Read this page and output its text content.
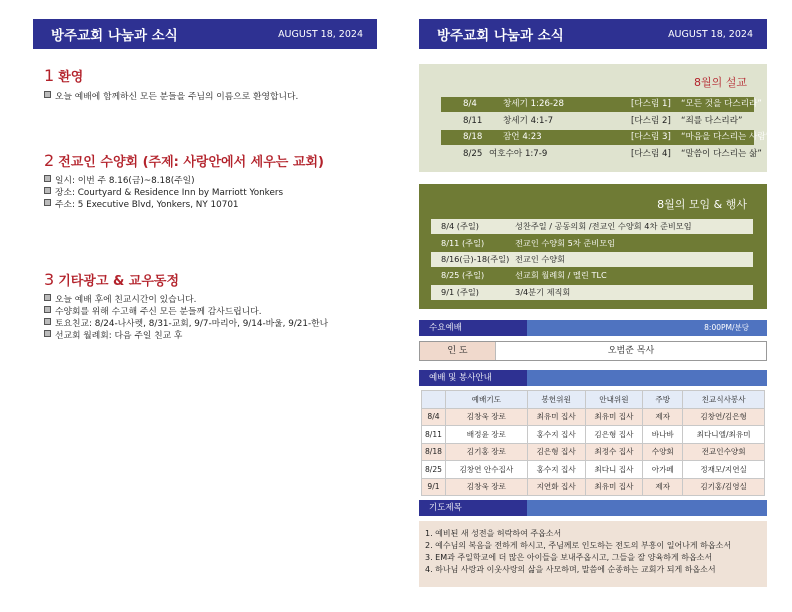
방주교회 나눔과 소식	AUGUST 18, 2024
1 환영
오늘 예배에 함께하신 모든 분들을 주님의 이름으로 환영합니다.
2 전교인 수양회 (주제: 사랑안에서 세우는 교회)
일시: 이번 주 8.16(금)~8.18(주일)
장소: Courtyard & Residence Inn by Marriott Yonkers
주소: 5 Executive Blvd, Yonkers, NY 10701
3 기타광고 & 교우동정
오늘 예배 후에 친교시간이 있습니다.
수양회를 위해 수고해 주신 모든 분들께 감사드립니다.
토요친교: 8/24-나사렛, 8/31-교회, 9/7-마리아, 9/14-바울, 9/21-한나
선교회 월례회: 다음 주일 친교 후
방주교회 나눔과 소식	AUGUST 18, 2024
8월의 설교
8/4	창세기 1:26-28	[다스림 1] “모든 것을 다스리라”
8/11 창세기 4:1-7	[다스림 2] “죄를 다스리라”
8/18 잠언 4:23	[다스림 3] “마음을 다스리는 사람”
8/25 여호수아 1:7-9	[다스림 4] “말씀이 다스리는 삶”
8월의 모임 & 행사
8/4 (주일)	성찬주일 / 공동의회 /전교인 수양회 4차 준비모임
8/11 (주일)	전교인 수양회 5차 준비모임
8/16(금)-18(주일) 전교인 수양회
8/25 (주일)	선교회 월례회 / 멜린 TLC
9/1 (주일)	3/4분기 제직회
수요예배	8:00PM/분당
인 도	오범준 목사
예배 및 봉사안내
	예배기도	봉헌위원	안내위원	주방	친교식사봉사
8/4	김창욱 장로	최유미 집사	최유미 집사	제자	김창연/김은형
8/11	배정윤 장로	홍수지 집사	김은형 집사	바나바	최다니엘/최유미
8/18	김기홍 장로	김은형 집사	최정수 집사	수양회	전교인수양회
8/25	김창연 안수집사	홍수지 집사	최다니 집사	아가페	정재모/지연실
9/1	김창욱 장로	지연화 집사	최유미 집사	제자	김기홍/김영실
기도제목
1. 예비된 새 성전을 허락하여 주옵소서
2. 예수님의 복음을 전하게 하시고, 주님께로 인도하는 전도의 부흥이 일어나게 하옵소서
3. EM과 주일학교에 더 많은 아이들을 보내주옵시고, 그들을 잘 양육하게 하옵소서
4. 하나님 사랑과 이웃사랑의 삶을 사모하며, 말씀에 순종하는 교회가 되게 하옵소서
